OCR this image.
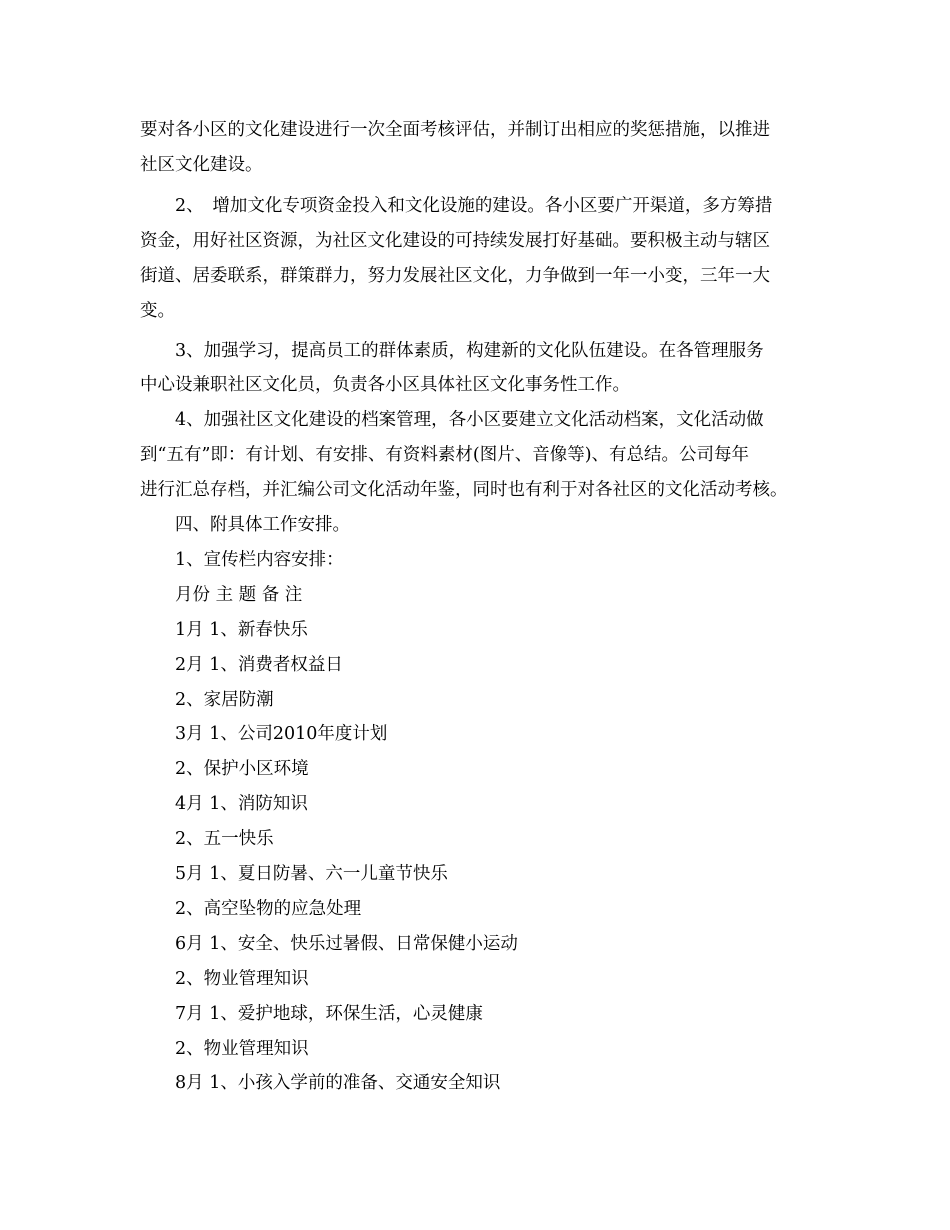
要对各小区的文化建设进行一次全面考核评估，并制订出相应的奖惩措施，以推进
社区文化建设。
2、　增加文化专项资金投入和文化设施的建设。各小区要广开渠道，多方筹措
资金，用好社区资源，为社区文化建设的可持续发展打好基础。要积极主动与辖区
街道、居委联系，群策群力，努力发展社区文化，力争做到一年一小变，三年一大
变。
3、加强学习，提高员工的群体素质，构建新的文化队伍建设。在各管理服务
中心设兼职社区文化员，负责各小区具体社区文化事务性工作。
4、加强社区文化建设的档案管理，各小区要建立文化活动档案，文化活动做
到“五有”即：有计划、有安排、有资料素材(图片、音像等)、有总结。公司每年
进行汇总存档，并汇编公司文化活动年鉴，同时也有利于对各社区的文化活动考核。
四、附具体工作安排。
1、宣传栏内容安排：
月份 主 题 备 注
1月 1、新春快乐
2月 1、消费者权益日
2、家居防潮
3月 1、公司2010年度计划
2、保护小区环境
4月 1、消防知识
2、五一快乐
5月 1、夏日防暑、六一儿童节快乐
2、高空坠物的应急处理
6月 1、安全、快乐过暑假、日常保健小运动
2、物业管理知识
7月 1、爱护地球，环保生活，心灵健康
2、物业管理知识
8月 1、小孩入学前的准备、交通安全知识
